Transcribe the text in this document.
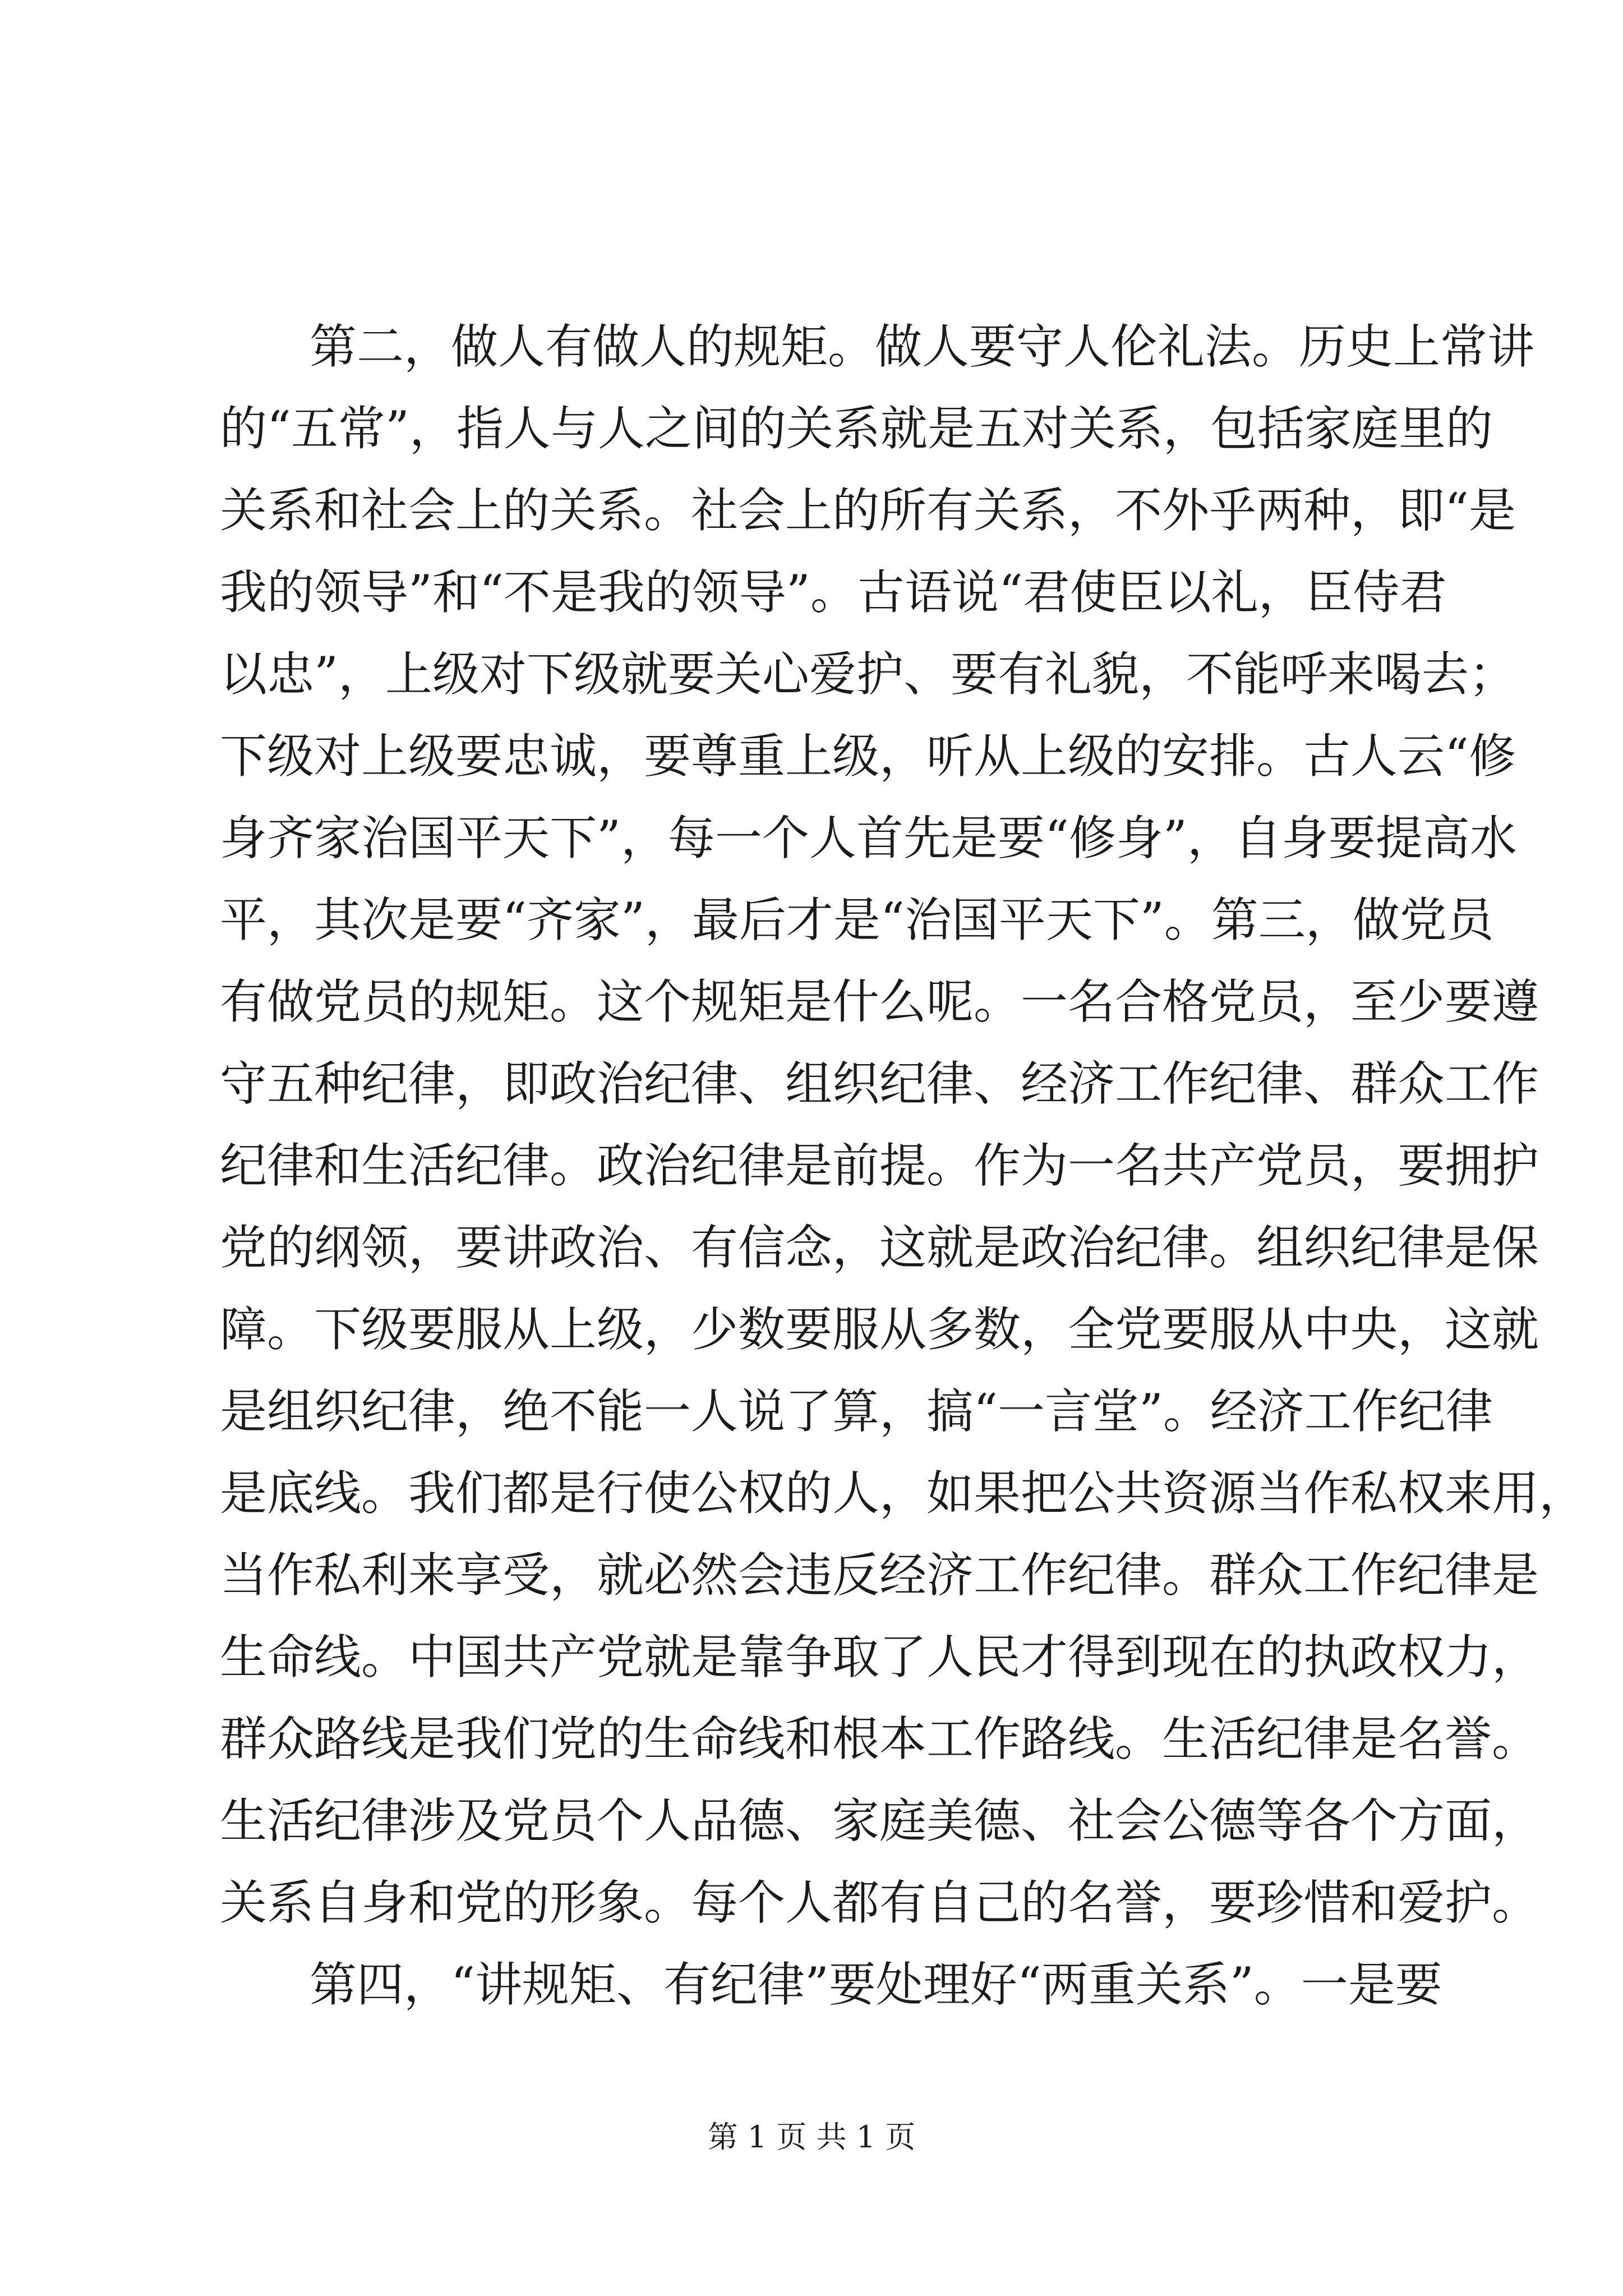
第二，做人有做人的规矩。做人要守人伦礼法。历史上常讲
的“五常”，指人与人之间的关系就是五对关系，包括家庭里的
关系和社会上的关系。社会上的所有关系，不外乎两种，即“是
我的领导”和“不是我的领导”。古语说“君使臣以礼，臣侍君
以忠”，上级对下级就要关心爱护、要有礼貌，不能呼来喝去；
下级对上级要忠诚，要尊重上级，听从上级的安排。古人云“修
身齐家治国平天下”，每一个人首先是要“修身”，自身要提高水
平，其次是要“齐家”，最后才是“治国平天下”。第三，做党员
有做党员的规矩。这个规矩是什么呢。一名合格党员，至少要遵
守五种纪律，即政治纪律、组织纪律、经济工作纪律、群众工作
纪律和生活纪律。政治纪律是前提。作为一名共产党员，要拥护
党的纲领，要讲政治、有信念，这就是政治纪律。组织纪律是保
障。下级要服从上级，少数要服从多数，全党要服从中央，这就
是组织纪律，绝不能一人说了算，搞“一言堂”。经济工作纪律
是底线。我们都是行使公权的人，如果把公共资源当作私权来用，
当作私利来享受，就必然会违反经济工作纪律。群众工作纪律是
生命线。中国共产党就是靠争取了人民才得到现在的执政权力，
群众路线是我们党的生命线和根本工作路线。生活纪律是名誉。
生活纪律涉及党员个人品德、家庭美德、社会公德等各个方面，
关系自身和党的形象。每个人都有自己的名誉，要珍惜和爱护。
第四，“讲规矩、有纪律”要处理好“两重关系”。一是要
第 1 页 共 1 页
